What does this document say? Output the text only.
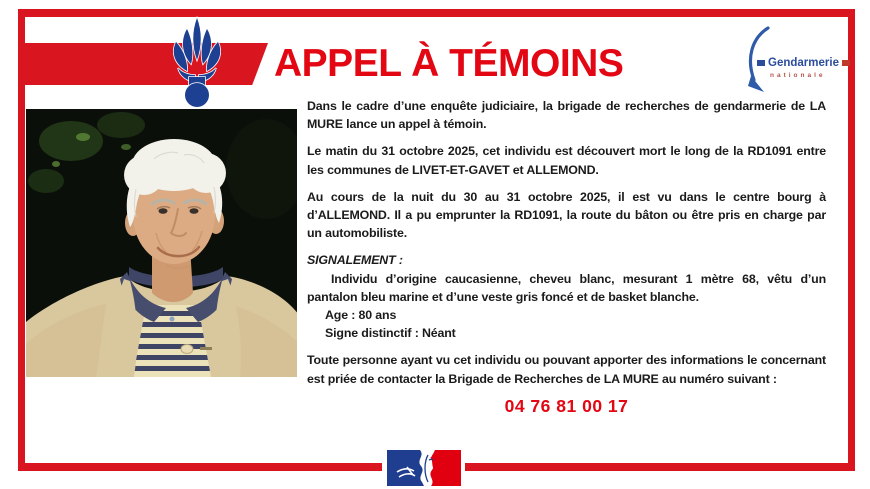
APPEL À TÉMOINS	Gendarmerie
nationale

Dans le cadre d’une enquête judiciaire, la brigade de recherches de gendarmerie de LA MURE lance un appel à témoin.

Le matin du 31 octobre 2025, cet individu est découvert mort le long de la RD1091 entre les communes de LIVET-ET-GAVET et ALLEMOND.

Au cours de la nuit du 30 au 31 octobre 2025, il est vu dans le centre bourg à d’ALLEMOND. Il a pu emprunter la RD1091, la route du bâton ou être pris en charge par un automobiliste.

SIGNALEMENT :

Individu d’origine caucasienne, cheveu blanc, mesurant 1 mètre 68, vêtu d’un pantalon bleu marine et d’une veste gris foncé et de basket blanche.

Age : 80 ans

Signe distinctif : Néant

Toute personne ayant vu cet individu ou pouvant apporter des informations le concernant est priée de contacter la Brigade de Recherches de LA MURE au numéro suivant :

04 76 81 00 17
